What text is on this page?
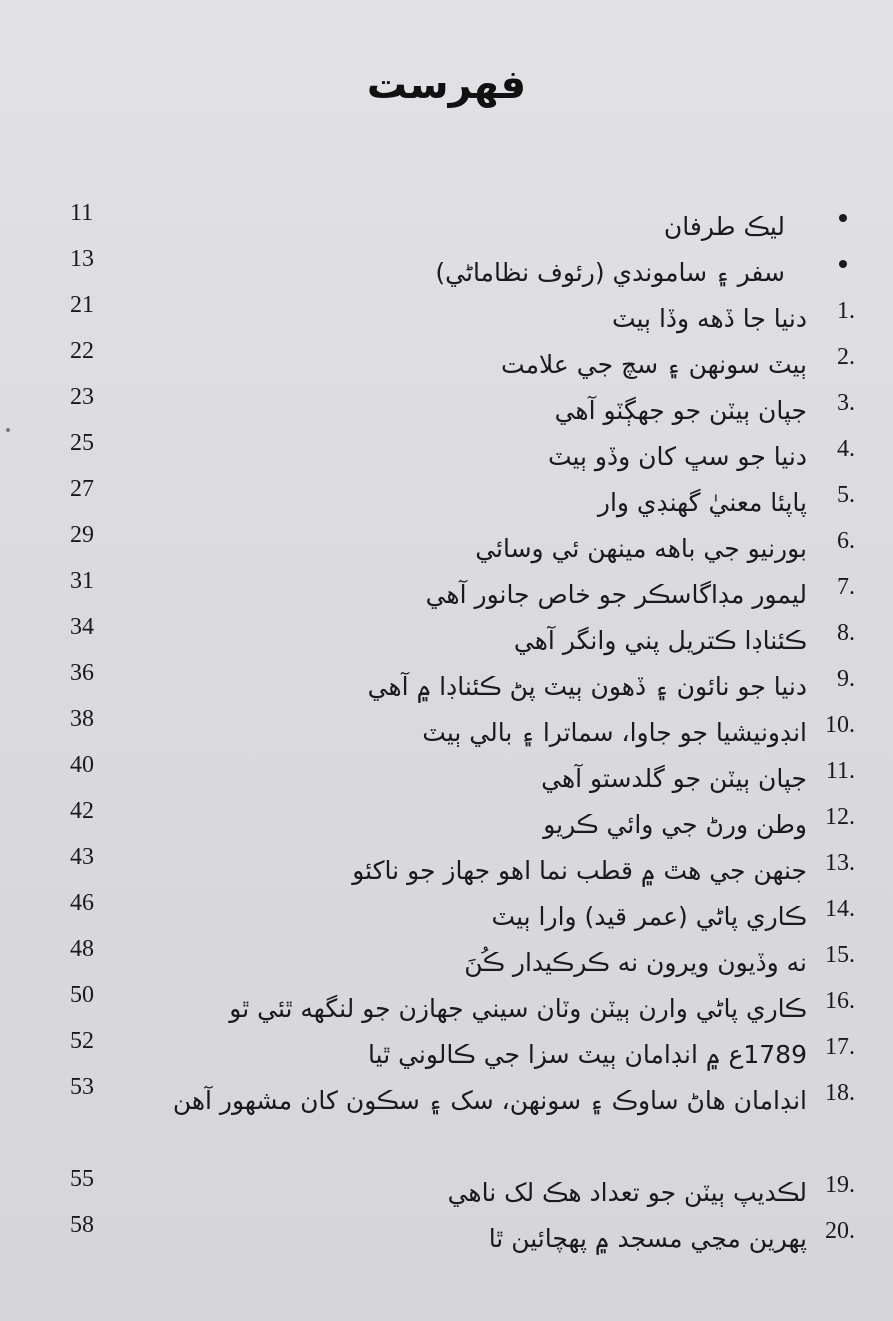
فهرست
ليڪ طرفان
11
سفر ۽ ساموندي (رئوف نظاماڻي)
13
1.
دنيا جا ڏهه وڏا ٻيٽ
21
2.
ٻيٽ سونهن ۽ سچ جي علامت
22
3.
جپان ٻيٽن جو جهڳٽو آهي
23
4.
دنيا جو سڀ کان وڏو ٻيٽ
25
5.
پاپئا معنيٰ گهنڊي وار
27
6.
بورنيو جي باهه مينهن ئي وسائي
29
7.
ليمور مڊاگاسڪر جو خاص جانور آهي
31
8.
ڪئناڊا ڪتريل پني وانگر آهي
34
9.
دنيا جو نائون ۽ ڏهون ٻيٽ پڻ ڪئناڊا ۾ آهي
36
10.
انڊونيشيا جو جاوا، سماترا ۽ بالي ٻيٽ
38
11.
جپان ٻيٽن جو گلدستو آهي
40
12.
وطن ورڻ جي وائي ڪريو
42
13.
جنهن جي هٿ ۾ قطب نما اهو جهاز جو ناکئو
43
14.
ڪاري پاڻي (عمر قيد) وارا ٻيٽ
46
15.
نه وڏيون ويرون نه ڪرڪيدار ڪُنَ
48
16.
ڪاري پاڻي وارن ٻيٽن وٽان سيني جهازن جو لنگهه ٿئي ٿو
50
17.
1789ع ۾ انڊامان ٻيٽ سزا جي ڪالوني ٿيا
52
18.
انڊامان هاڻ ساوڪ ۽ سونهن، سک ۽ سڪون کان مشهور آهن
53
19.
لڪديپ ٻيٽن جو تعداد هڪ لک ناهي
55
20.
پهرين مڃي مسجد ۾ پهچائين ٿا
58
